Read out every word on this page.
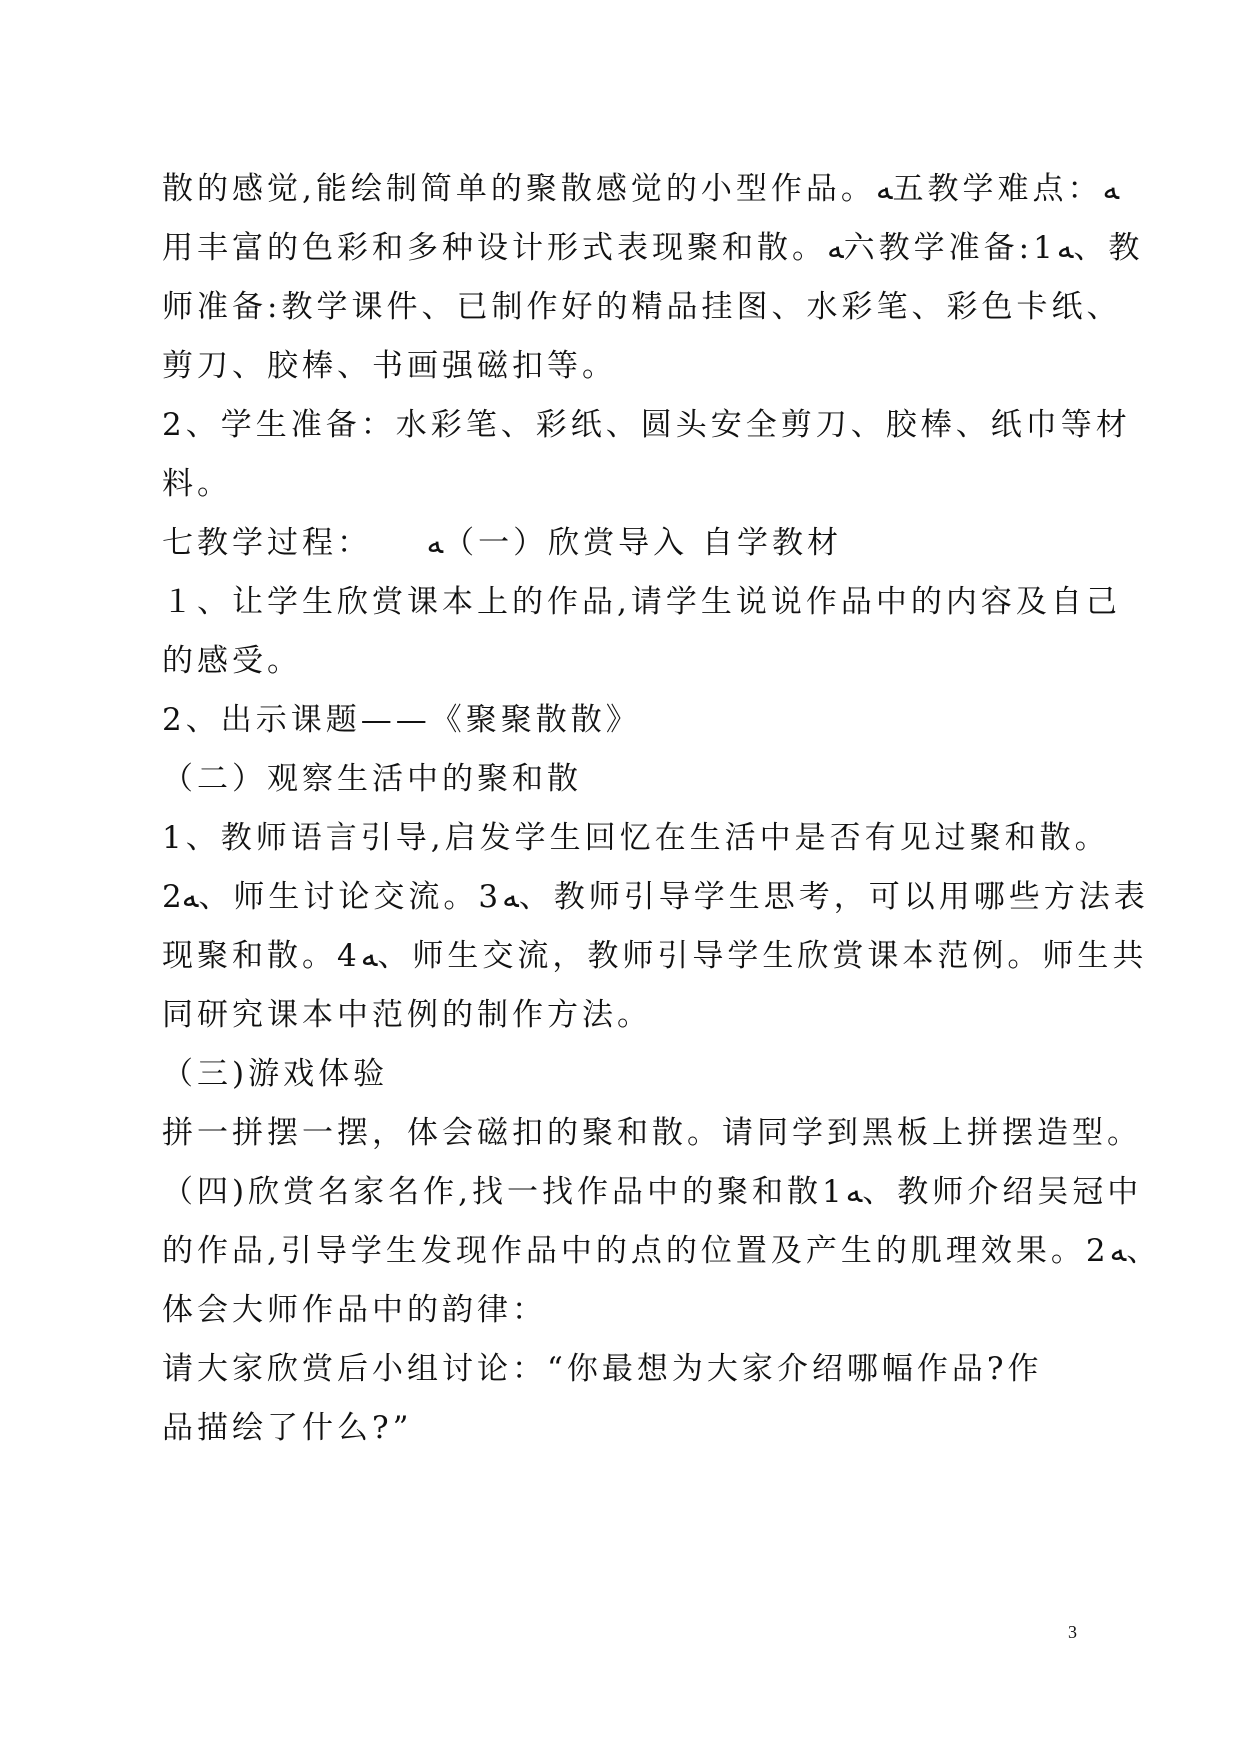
散的感觉,能绘制简单的聚散感觉的小型作品。ﻪ五教学难点：ﻪ
用丰富的色彩和多种设计形式表现聚和散。ﻪ六教学准备:1ﻪ、教
师准备:教学课件、已制作好的精品挂图、水彩笔、彩色卡纸、
剪刀、胶棒、书画强磁扣等。
2、学生准备：水彩笔、彩纸、圆头安全剪刀、胶棒、纸巾等材
料。
七教学过程：　　ﻪ（一）欣赏导入 自学教材
１、让学生欣赏课本上的作品,请学生说说作品中的内容及自己
的感受。
2、出示课题——《聚聚散散》
（二）观察生活中的聚和散
1、教师语言引导,启发学生回忆在生活中是否有见过聚和散。
2ﻪ、师生讨论交流。3ﻪ、教师引导学生思考，可以用哪些方法表
现聚和散。4ﻪ、师生交流，教师引导学生欣赏课本范例。师生共
同研究课本中范例的制作方法。
（三)游戏体验
拼一拼摆一摆，体会磁扣的聚和散。请同学到黑板上拼摆造型。
（四)欣赏名家名作,找一找作品中的聚和散1ﻪ、教师介绍吴冠中
的作品,引导学生发现作品中的点的位置及产生的肌理效果。2ﻪ、
体会大师作品中的韵律：
请大家欣赏后小组讨论：“你最想为大家介绍哪幅作品?作
品描绘了什么?”
3
